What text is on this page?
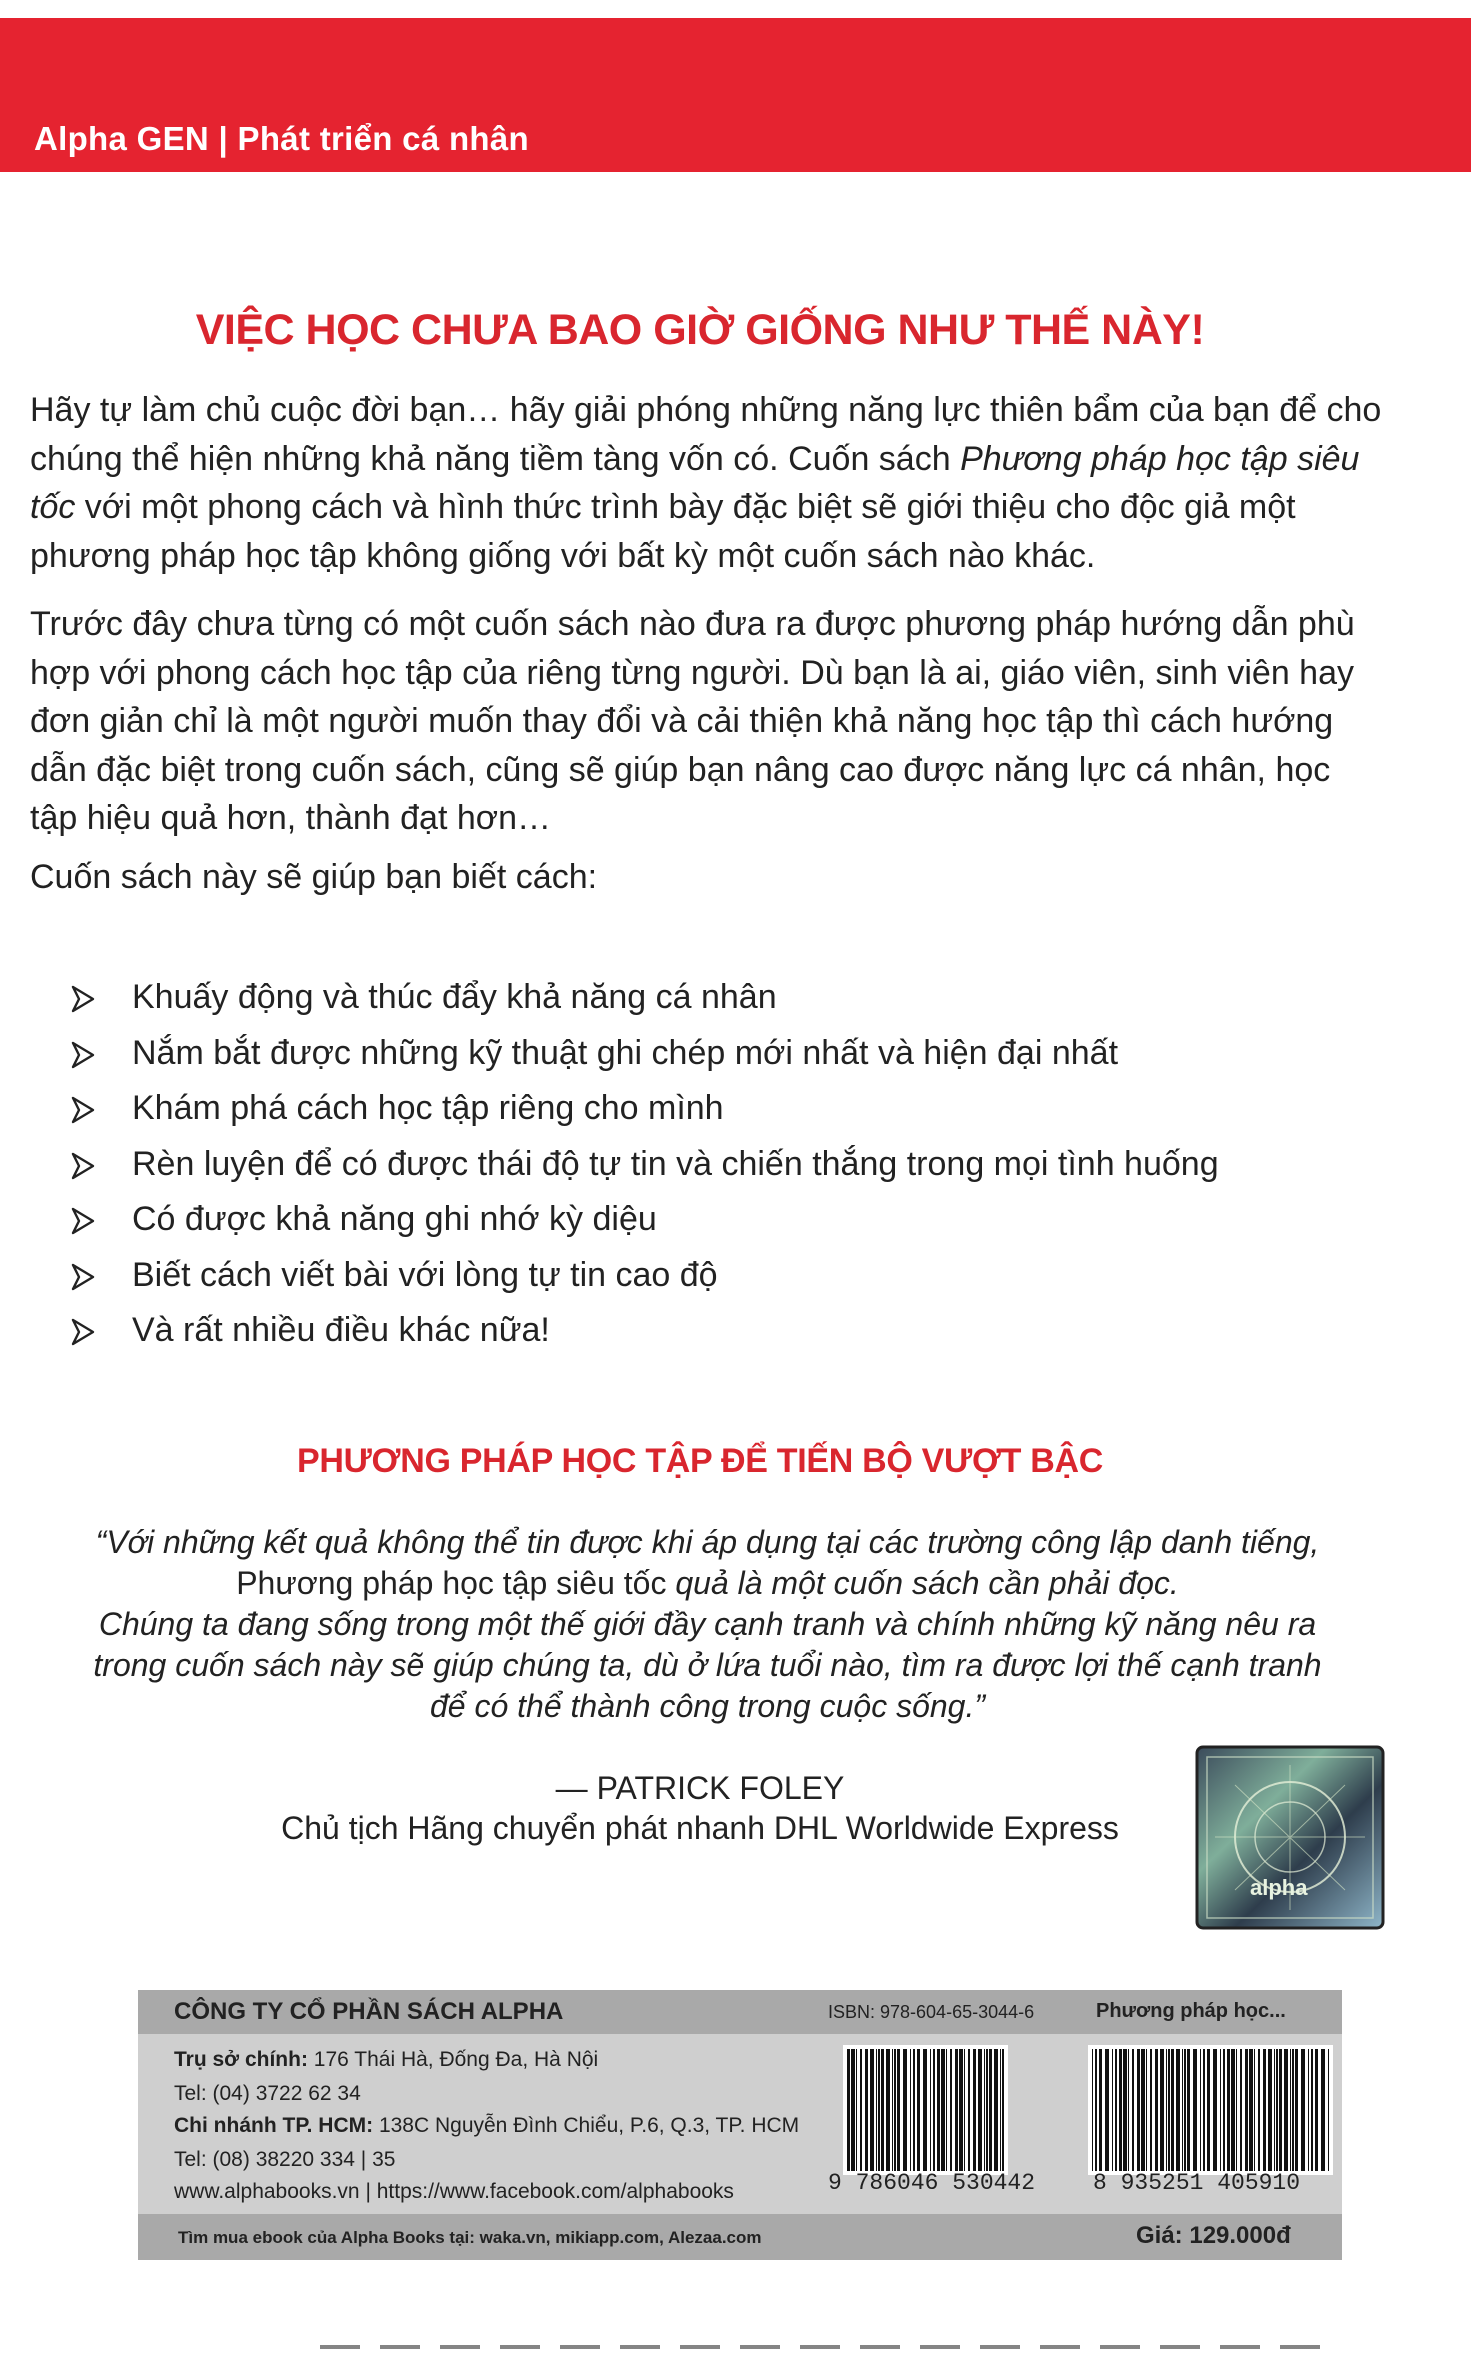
Alpha GEN | Phát triển cá nhân
VIỆC HỌC CHƯA BAO GIỜ GIỐNG NHƯ THẾ NÀY!
Hãy tự làm chủ cuộc đời bạn… hãy giải phóng những năng lực thiên bẩm của bạn để cho chúng thể hiện những khả năng tiềm tàng vốn có. Cuốn sách Phương pháp học tập siêu tốc với một phong cách và hình thức trình bày đặc biệt sẽ giới thiệu cho độc giả một phương pháp học tập không giống với bất kỳ một cuốn sách nào khác.
Trước đây chưa từng có một cuốn sách nào đưa ra được phương pháp hướng dẫn phù hợp với phong cách học tập của riêng từng người. Dù bạn là ai, giáo viên, sinh viên hay đơn giản chỉ là một người muốn thay đổi và cải thiện khả năng học tập thì cách hướng dẫn đặc biệt trong cuốn sách, cũng sẽ giúp bạn nâng cao được năng lực cá nhân, học tập hiệu quả hơn, thành đạt hơn…
Cuốn sách này sẽ giúp bạn biết cách:
Khuấy động và thúc đẩy khả năng cá nhân
Nắm bắt được những kỹ thuật ghi chép mới nhất và hiện đại nhất
Khám phá cách học tập riêng cho mình
Rèn luyện để có được thái độ tự tin và chiến thắng trong mọi tình huống
Có được khả năng ghi nhớ kỳ diệu
Biết cách viết bài với lòng tự tin cao độ
Và rất nhiều điều khác nữa!
PHƯƠNG PHÁP HỌC TẬP ĐỂ TIẾN BỘ VƯỢT BẬC
“Với những kết quả không thể tin được khi áp dụng tại các trường công lập danh tiếng,
Phương pháp học tập siêu tốc quả là một cuốn sách cần phải đọc.
Chúng ta đang sống trong một thế giới đầy cạnh tranh và chính những kỹ năng nêu ra
trong cuốn sách này sẽ giúp chúng ta, dù ở lứa tuổi nào, tìm ra được lợi thế cạnh tranh
để có thể thành công trong cuộc sống.”
— PATRICK FOLEY
Chủ tịch Hãng chuyển phát nhanh DHL Worldwide Express
alpha
CÔNG TY CỔ PHẦN SÁCH ALPHA	ISBN: 978-604-65-3044-6	Phương pháp học...
Trụ sở chính: 176 Thái Hà, Đống Đa, Hà Nội
Tel: (04) 3722 62 34
Chi nhánh TP. HCM: 138C Nguyễn Đình Chiểu, P.6, Q.3, TP. HCM
Tel: (08) 38220 334 | 35
www.alphabooks.vn | https://www.facebook.com/alphabooks	9 786046 530442	8 935251 405910
Tìm mua ebook của Alpha Books tại: waka.vn, mikiapp.com, Alezaa.com	Giá: 129.000đ
